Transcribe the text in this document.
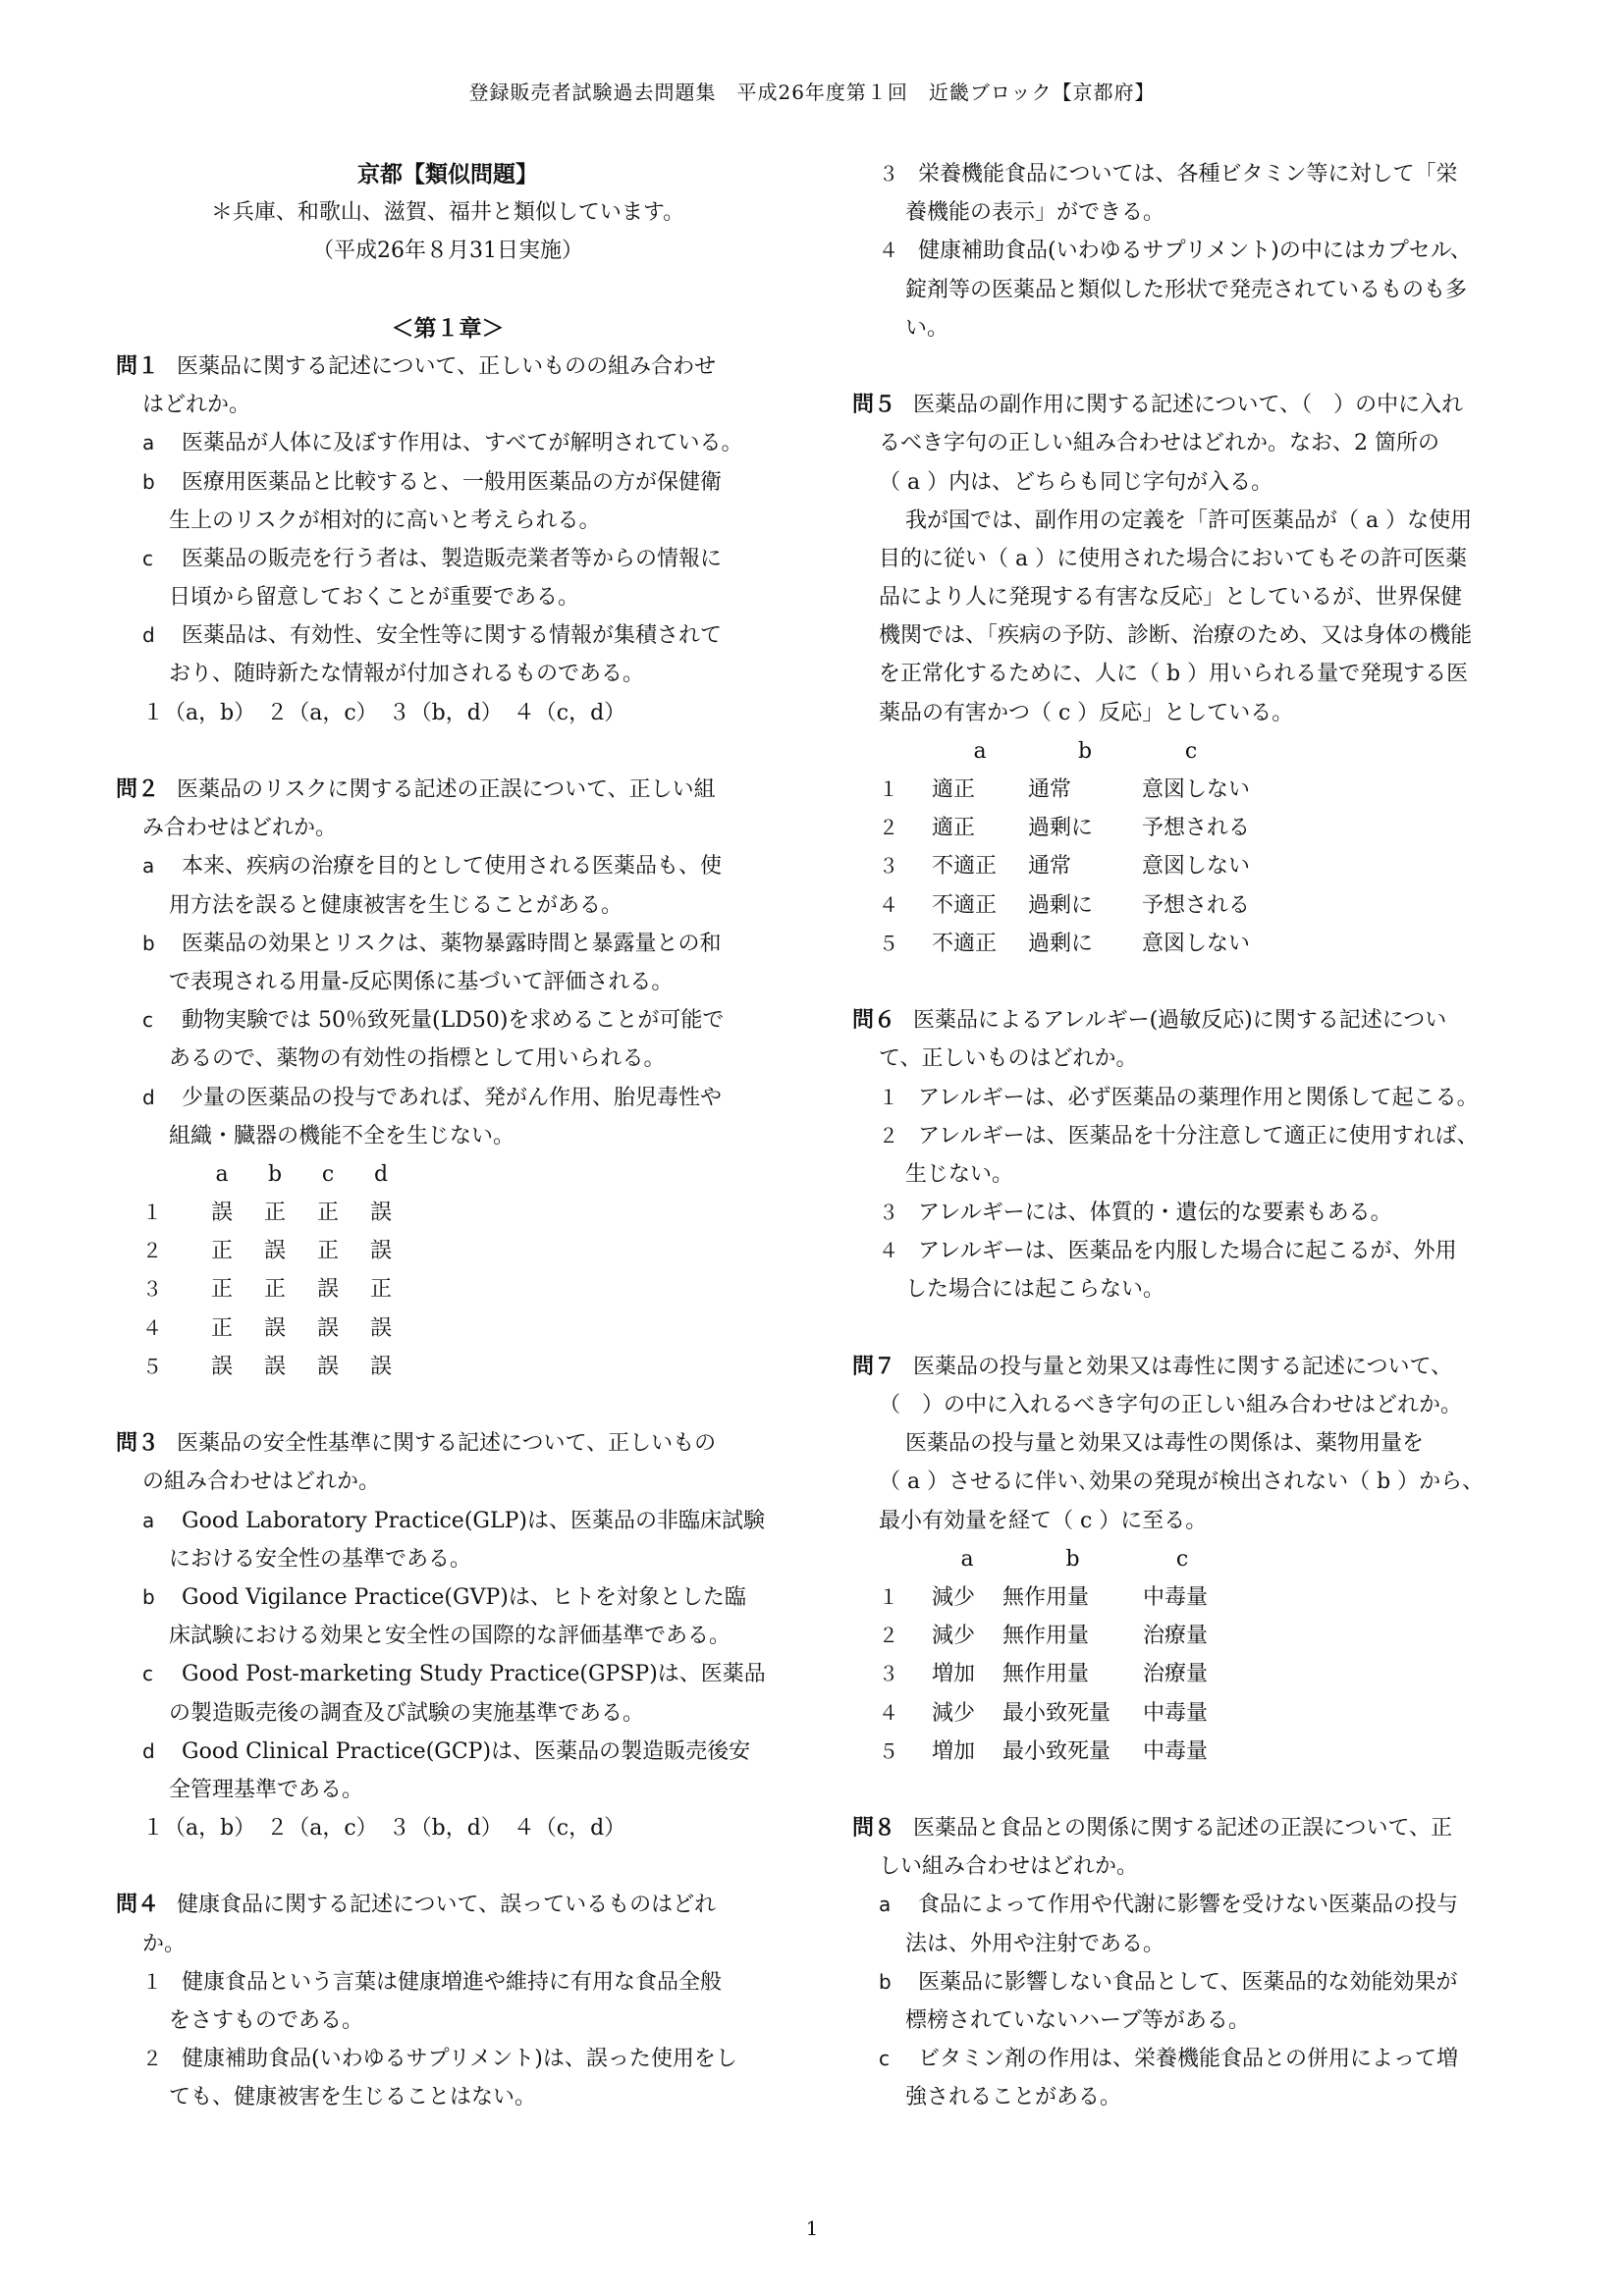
登録販売者試験過去問題集　平成26年度第１回　近畿ブロック【京都府】
京都【類似問題】
＊兵庫、和歌山、滋賀、福井と類似しています。
（平成26年８月31日実施）
＜第１章＞
問１ 医薬品に関する記述について、正しいものの組み合わせ
はどれか。
a 医薬品が人体に及ぼす作用は、すべてが解明されている。
b 医療用医薬品と比較すると、一般用医薬品の方が保健衛
生上のリスクが相対的に高いと考えられる。
c 医薬品の販売を行う者は、製造販売業者等からの情報に
日頃から留意しておくことが重要である。
d 医薬品は、有効性、安全性等に関する情報が集積されて
おり、随時新たな情報が付加されるものである。
１（a，b）　２（a，c）　３（b，d）　４（c，d）
問２ 医薬品のリスクに関する記述の正誤について、正しい組
み合わせはどれか。
a 本来、疾病の治療を目的として使用される医薬品も、使
用方法を誤ると健康被害を生じることがある。
b 医薬品の効果とリスクは、薬物暴露時間と暴露量との和
で表現される用量-反応関係に基づいて評価される。
c 動物実験では 50％致死量(LD50)を求めることが可能で
あるので、薬物の有効性の指標として用いられる。
d 少量の医薬品の投与であれば、発がん作用、胎児毒性や
組織・臓器の機能不全を生じない。
a	b	c	d
１	誤	正	正	誤
２	正	誤	正	誤
３	正	正	誤	正
４	正	誤	誤	誤
５	誤	誤	誤	誤
問３ 医薬品の安全性基準に関する記述について、正しいもの
の組み合わせはどれか。
a Good Laboratory Practice(GLP)は、医薬品の非臨床試験
における安全性の基準である。
b Good Vigilance Practice(GVP)は、ヒトを対象とした臨
床試験における効果と安全性の国際的な評価基準である。
c Good Post-marketing Study Practice(GPSP)は、医薬品
の製造販売後の調査及び試験の実施基準である。
d Good Clinical Practice(GCP)は、医薬品の製造販売後安
全管理基準である。
１（a，b）　２（a，c）　３（b，d）　４（c，d）
問４ 健康食品に関する記述について、誤っているものはどれ
か。
１ 健康食品という言葉は健康増進や維持に有用な食品全般
をさすものである。
２ 健康補助食品(いわゆるサプリメント)は、誤った使用をし
ても、健康被害を生じることはない。
３ 栄養機能食品については、各種ビタミン等に対して「栄
養機能の表示」ができる。
４ 健康補助食品(いわゆるサプリメント)の中にはカプセル、
錠剤等の医薬品と類似した形状で発売されているものも多
い。
問５ 医薬品の副作用に関する記述について、（　）の中に入れ
るべき字句の正しい組み合わせはどれか。なお、2 箇所の
（ a ）内は、どちらも同じ字句が入る。
我が国では、副作用の定義を「許可医薬品が（ a ）な使用
目的に従い（ a ）に使用された場合においてもその許可医薬
品により人に発現する有害な反応」としているが、世界保健
機関では、「疾病の予防、診断、治療のため、又は身体の機能
を正常化するために、人に（ b ）用いられる量で発現する医
薬品の有害かつ（ c ）反応」としている。
a	b	c
１	適正	通常	意図しない
２	適正	過剰に	予想される
３	不適正	通常	意図しない
４	不適正	過剰に	予想される
５	不適正	過剰に	意図しない
問６ 医薬品によるアレルギー(過敏反応)に関する記述につい
て、正しいものはどれか。
１ アレルギーは、必ず医薬品の薬理作用と関係して起こる。
２ アレルギーは、医薬品を十分注意して適正に使用すれば、
生じない。
３ アレルギーには、体質的・遺伝的な要素もある。
４ アレルギーは、医薬品を内服した場合に起こるが、外用
した場合には起こらない。
問７ 医薬品の投与量と効果又は毒性に関する記述について、
（　）の中に入れるべき字句の正しい組み合わせはどれか。
医薬品の投与量と効果又は毒性の関係は、薬物用量を
（ a ）させるに伴い､効果の発現が検出されない（ b ）から、
最小有効量を経て（ c ）に至る。
a	b	c
１	減少	無作用量	中毒量
２	減少	無作用量	治療量
３	増加	無作用量	治療量
４	減少	最小致死量	中毒量
５	増加	最小致死量	中毒量
問８ 医薬品と食品との関係に関する記述の正誤について、正
しい組み合わせはどれか。
a 食品によって作用や代謝に影響を受けない医薬品の投与
法は、外用や注射である。
b 医薬品に影響しない食品として、医薬品的な効能効果が
標榜されていないハーブ等がある。
c ビタミン剤の作用は、栄養機能食品との併用によって増
強されることがある。
1
